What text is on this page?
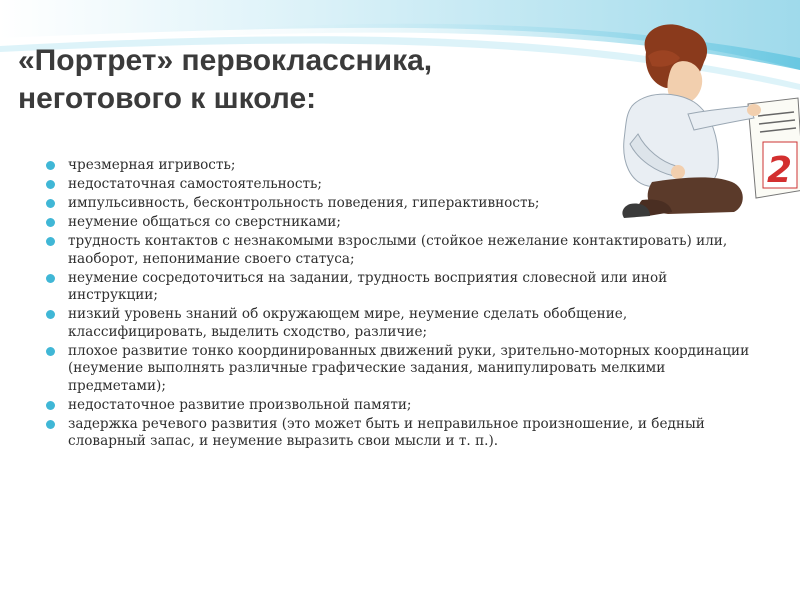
«Портрет» первоклассника,
неготового к школе:
2
чрезмерная игривость;
недостаточная самостоятельность;
импульсивность, бесконтрольность поведения, гиперактивность;
неумение общаться со сверстниками;
трудность контактов с незнакомыми взрослыми (стойкое нежелание контактировать) или, наоборот, непонимание своего статуса;
неумение сосредоточиться на задании, трудность восприятия словесной или иной инструкции;
низкий уровень знаний об окружающем мире, неумение сделать обобщение, классифицировать, выделить сходство, различие;
плохое развитие тонко координированных движений руки, зрительно-моторных координации (неумение выполнять различные графические задания, манипулировать мелкими предметами);
недостаточное развитие произвольной памяти;
задержка речевого развития (это может быть и неправильное произношение, и бедный словарный запас, и неумение выразить свои мысли и т. п.).
